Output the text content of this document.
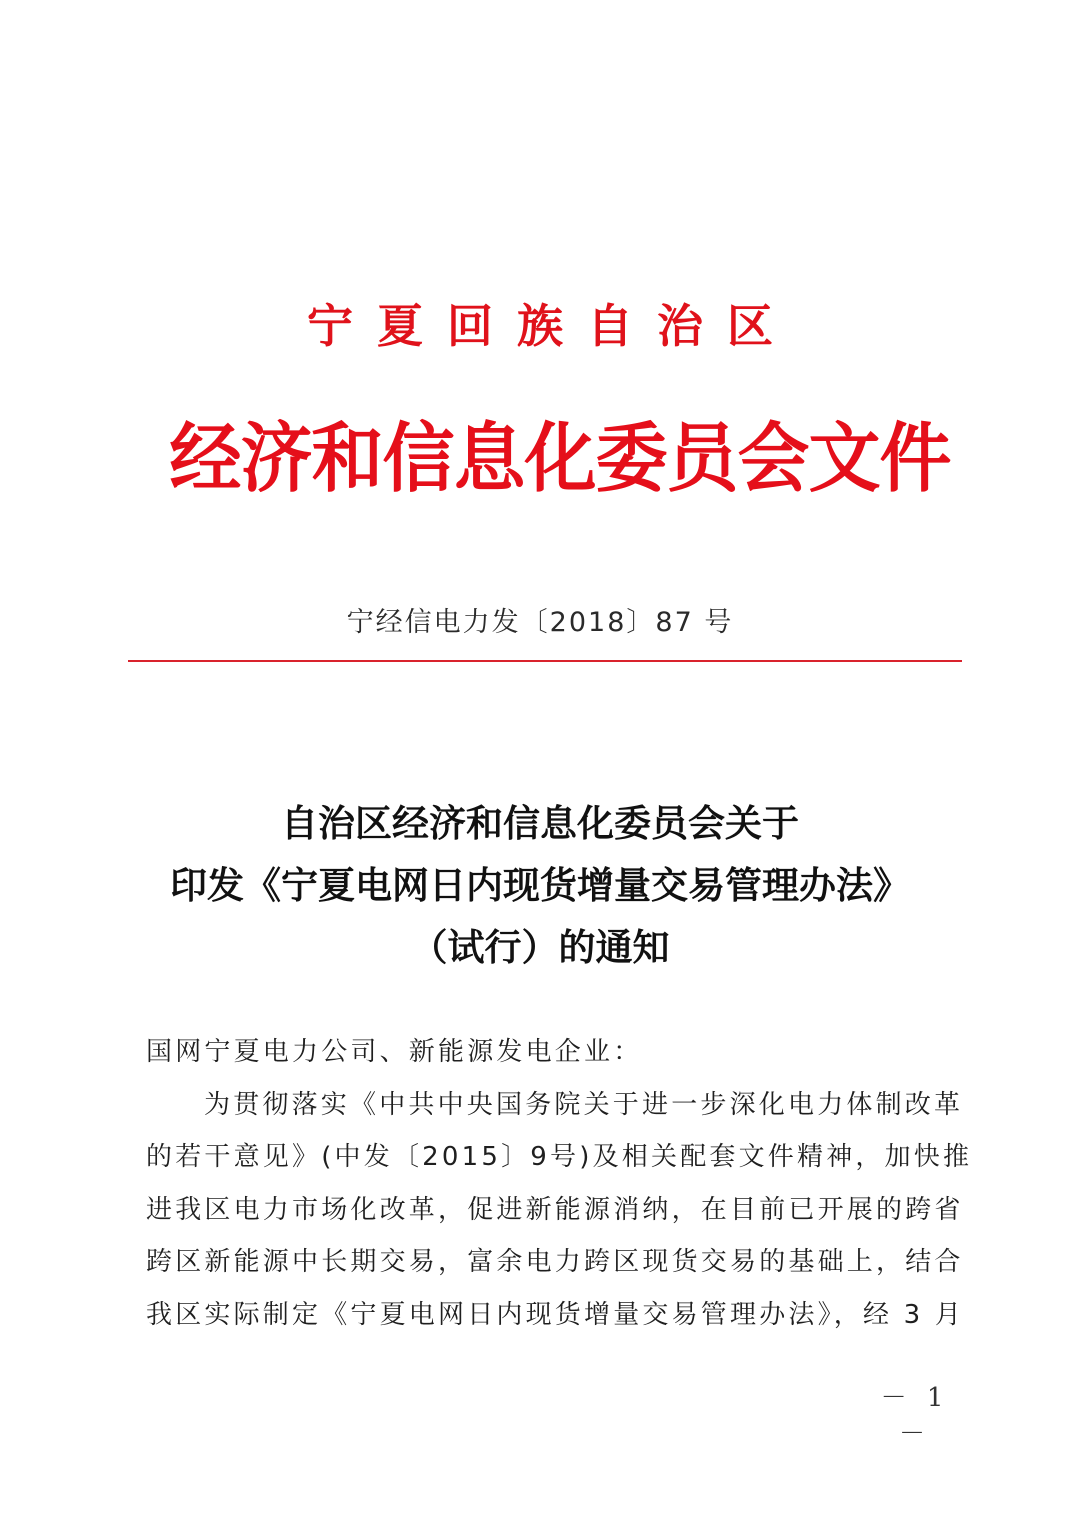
宁夏回族自治区
经济和信息化委员会文件
宁经信电力发〔2018〕87 号
自治区经济和信息化委员会关于
印发《宁夏电网日内现货增量交易管理办法》
（试行）的通知

国网宁夏电力公司、新能源发电企业：

为贯彻落实《中共中央国务院关于进一步深化电力体制改革

的若干意见》(中发〔2015〕9号)及相关配套文件精神，加快推

进我区电力市场化改革，促进新能源消纳，在目前已开展的跨省

跨区新能源中长期交易，富余电力跨区现货交易的基础上，结合

我区实际制定《宁夏电网日内现货增量交易管理办法》，经 3 月

－ 1 －
